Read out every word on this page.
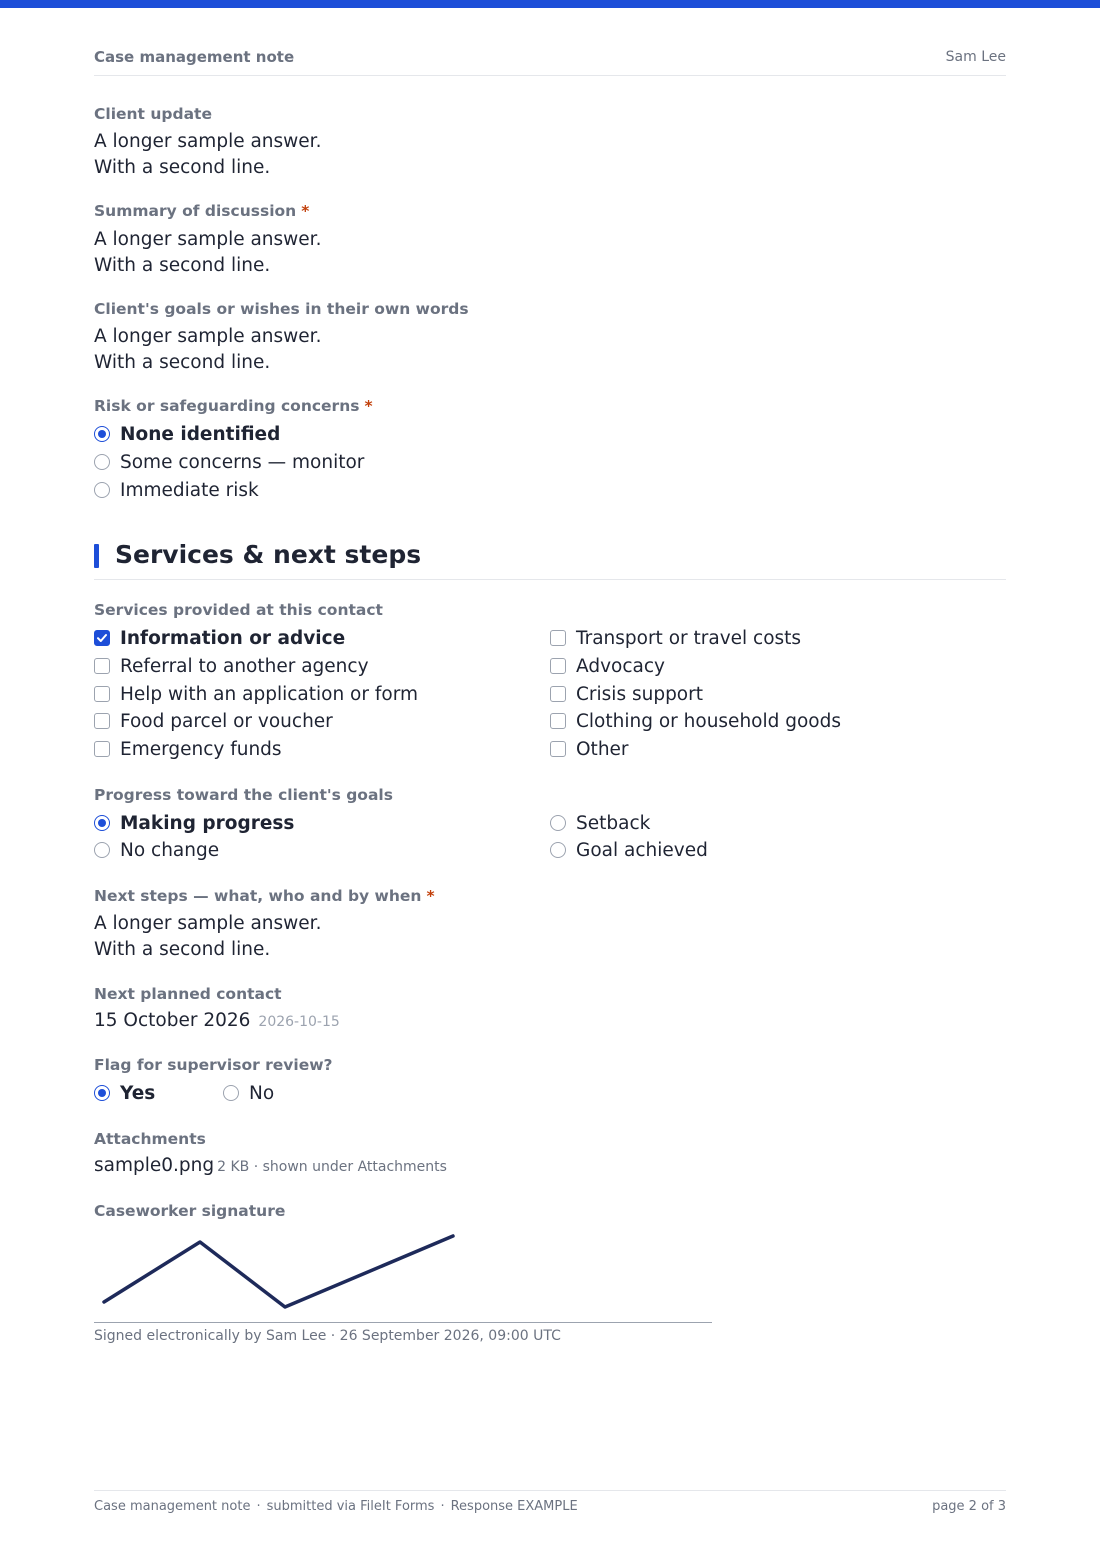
Case management note	Sam Lee
Client update
A longer sample answer.
With a second line.
Summary of discussion *
A longer sample answer.
With a second line.
Client's goals or wishes in their own words
A longer sample answer.
With a second line.
Risk or safeguarding concerns *
None identified
Some concerns — monitor
Immediate risk
Services & next steps
Services provided at this contact
Information or advice
Referral to another agency
Help with an application or form
Food parcel or voucher
Emergency funds
Transport or travel costs
Advocacy
Crisis support
Clothing or household goods
Other
Progress toward the client's goals
Making progress
No change
Setback
Goal achieved
Next steps — what, who and by when *
A longer sample answer.
With a second line.
Next planned contact
15 October 2026 2026-10-15
Flag for supervisor review?
Yes	No
Attachments
sample0.png 2 KB · shown under Attachments
Caseworker signature
Signed electronically by Sam Lee · 26 September 2026, 09:00 UTC
Case management note · submitted via FileIt Forms · Response EXAMPLE	page 2 of 3
